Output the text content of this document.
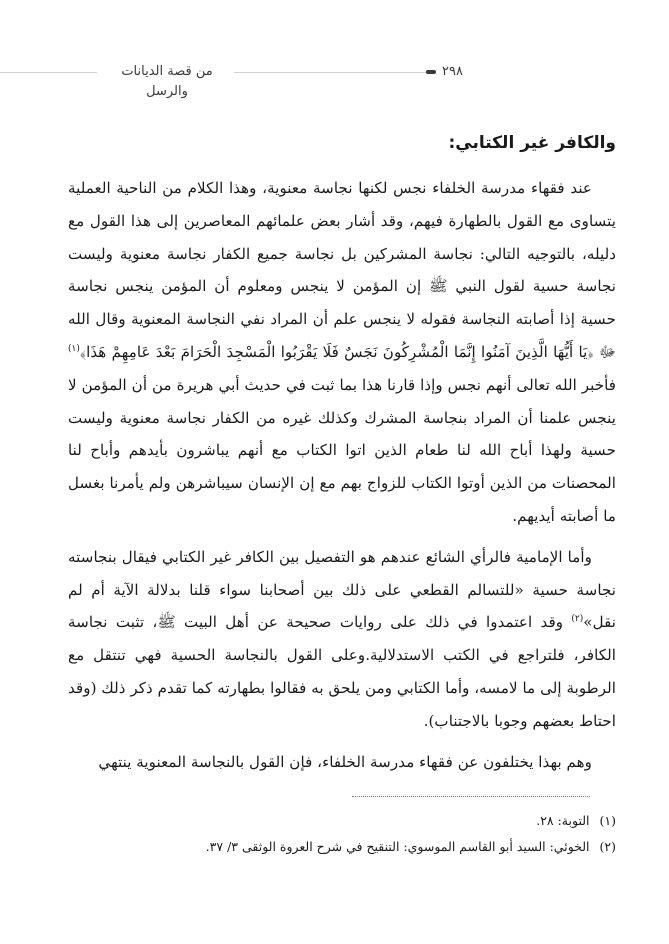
من قصة الديانات والرسل
٢٩٨
والكافر غير الكتابي:

عند فقهاء مدرسة الخلفاء نجس لكنها نجاسة معنوية، وهذا الكلام من الناحية العملية يتساوى مع القول بالطهارة فيهم، وقد أشار بعض علمائهم المعاصرين إلى هذا القول مع دليله، بالتوجيه التالي: نجاسة المشركين بل نجاسة جميع الكفار نجاسة معنوية وليست نجاسة حسية لقول النبي ﷺ إن المؤمن لا ينجس ومعلوم أن المؤمن ينجس نجاسة حسية إذا أصابته النجاسة فقوله لا ينجس علم أن المراد نفي النجاسة المعنوية وقال الله ﷻ ﴿يَا أَيُّهَا الَّذِينَ آمَنُوا إِنَّمَا الْمُشْرِكُونَ نَجَسٌ فَلَا يَقْرَبُوا الْمَسْجِدَ الْحَرَامَ بَعْدَ عَامِهِمْ هَذَا﴾$^{(١)}$ فأخبر الله تعالى أنهم نجس وإذا قارنا هذا بما ثبت في حديث أبي هريرة من أن المؤمن لا ينجس علمنا أن المراد بنجاسة المشرك وكذلك غيره من الكفار نجاسة معنوية وليست حسية ولهذا أباح الله لنا طعام الذين اتوا الكتاب مع أنهم يباشرون بأيدهم وأباح لنا المحصنات من الذين أوتوا الكتاب للزواج بهم مع إن الإنسان سيباشرهن ولم يأمرنا بغسل ما أصابته أيديهم.

وأما الإمامية فالرأي الشائع عندهم هو التفصيل بين الكافر غير الكتابي فيقال بنجاسته نجاسة حسية «للتسالم القطعي على ذلك بين أصحابنا سواء قلنا بدلالة الآية أم لم نقل»$^{(٢)}$ وقد اعتمدوا في ذلك على روايات صحيحة عن أهل البيت ﷺ، تثبت نجاسة الكافر، فلتراجع في الكتب الاستدلالية.وعلى القول بالنجاسة الحسية فهي تنتقل مع الرطوبة إلى ما لامسه، وأما الكتابي ومن يلحق به فقالوا بطهارته كما تقدم ذكر ذلك (وقد احتاط بعضهم وجوبا بالاجتناب).

وهم بهذا يختلفون عن فقهاء مدرسة الخلفاء، فإن القول بالنجاسة المعنوية ينتهي

(١) التوبة: ٢٨.
(٢) الخوئي: السيد أبو القاسم الموسوي: التنقيح في شرح العروة الوثقى ٣/ ٣٧.
